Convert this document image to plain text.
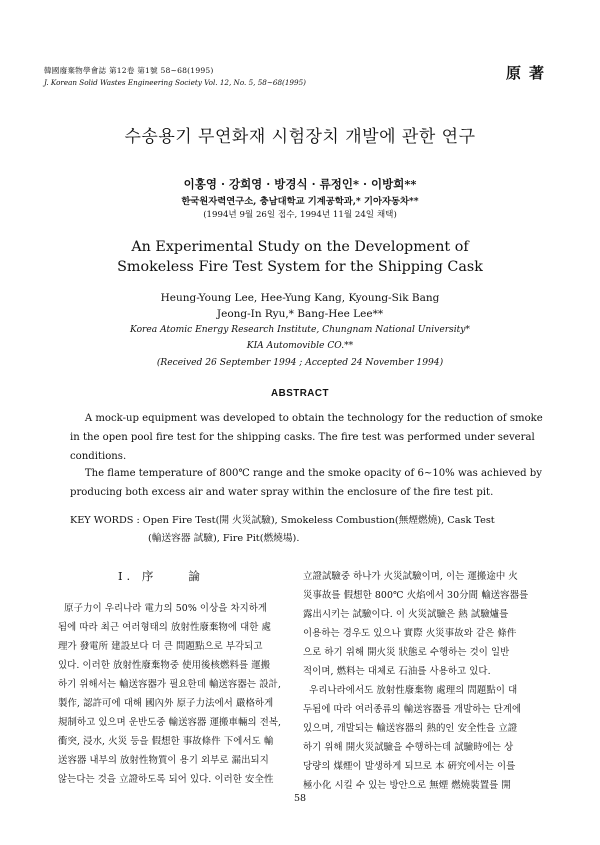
韓國廢棄物學會誌 第12卷 第1號 58~68(1995)
J. Korean Solid Wastes Engineering Society Vol. 12, No. 5, 58~68(1995)
原著
수송용기 무연화재 시험장치 개발에 관한 연구
이홍영 · 강희영 · 방경식 · 류정인* · 이방희**
한국원자력연구소, 충남대학교 기계공학과,* 기아자동차**
(1994년 9월 26일 접수, 1994년 11월 24일 채택)
An Experimental Study on the Development of
Smokeless Fire Test System for the Shipping Cask
Heung-Young Lee, Hee-Yung Kang, Kyoung-Sik Bang
Jeong-In Ryu,* Bang-Hee Lee**
Korea Atomic Energy Research Institute, Chungnam National University*
KIA Automovible CO.**
(Received 26 September 1994 ; Accepted 24 November 1994)
ABSTRACT
A mock-up equipment was developed to obtain the technology for the reduction of smoke
in the open pool fire test for the shipping casks. The fire test was performed under several
conditions.
The flame temperature of 800℃ range and the smoke opacity of 6~10% was achieved by
producing both excess air and water spray within the enclosure of the fire test pit.
KEY WORDS : Open Fire Test(開 火災試驗), Smokeless Combustion(無煙燃燒), Cask Test
(輸送容器 試驗), Fire Pit(燃燒場).
Ⅰ. 序　　論
原子力이 우리나라 電力의 50% 이상을 차지하게
됨에 따라 최근 여러형태의 放射性廢棄物에 대한 處
理가 發電所 建設보다 더 큰 問題點으로 부각되고
있다. 이러한 放射性廢棄物중 使用後核燃料를 運搬
하기 위해서는 輸送容器가 필요한데 輸送容器는 設計,
製作, 認許可에 대해 國內外 原子力法에서 嚴格하게
規制하고 있으며 운반도중 輸送容器 運搬車輛의 전복,
衝突, 浸水, 火災 등을 假想한 事故條件 下에서도 輸
送容器 내부의 放射性物質이 용기 외부로 漏出되지
않는다는 것을 立證하도록 되어 있다. 이러한 安全性
立證試驗중 하나가 火災試驗이며, 이는 運搬途中 火
災事故를 假想한 800℃ 火焰에서 30分間 輸送容器를
露出시키는 試驗이다. 이 火災試驗은 熱 試驗爐를
이용하는 경우도 있으나 實際 火災事故와 같은 條件
으로 하기 위해 開火災 狀態로 수행하는 것이 일반
적이며, 燃料는 대체로 石油를 사용하고 있다.
우리나라에서도 放射性廢棄物 處理의 問題點이 대
두됨에 따라 여러종류의 輸送容器를 개발하는 단계에
있으며, 개발되는 輸送容器의 熱的인 安全性을 立證
하기 위해 開火災試驗을 수행하는데 試驗時에는 상
당량의 煤煙이 발생하게 되므로 本 硏究에서는 이를
極小化 시킬 수 있는 방안으로 無煙 燃燒裝置를 開
58
